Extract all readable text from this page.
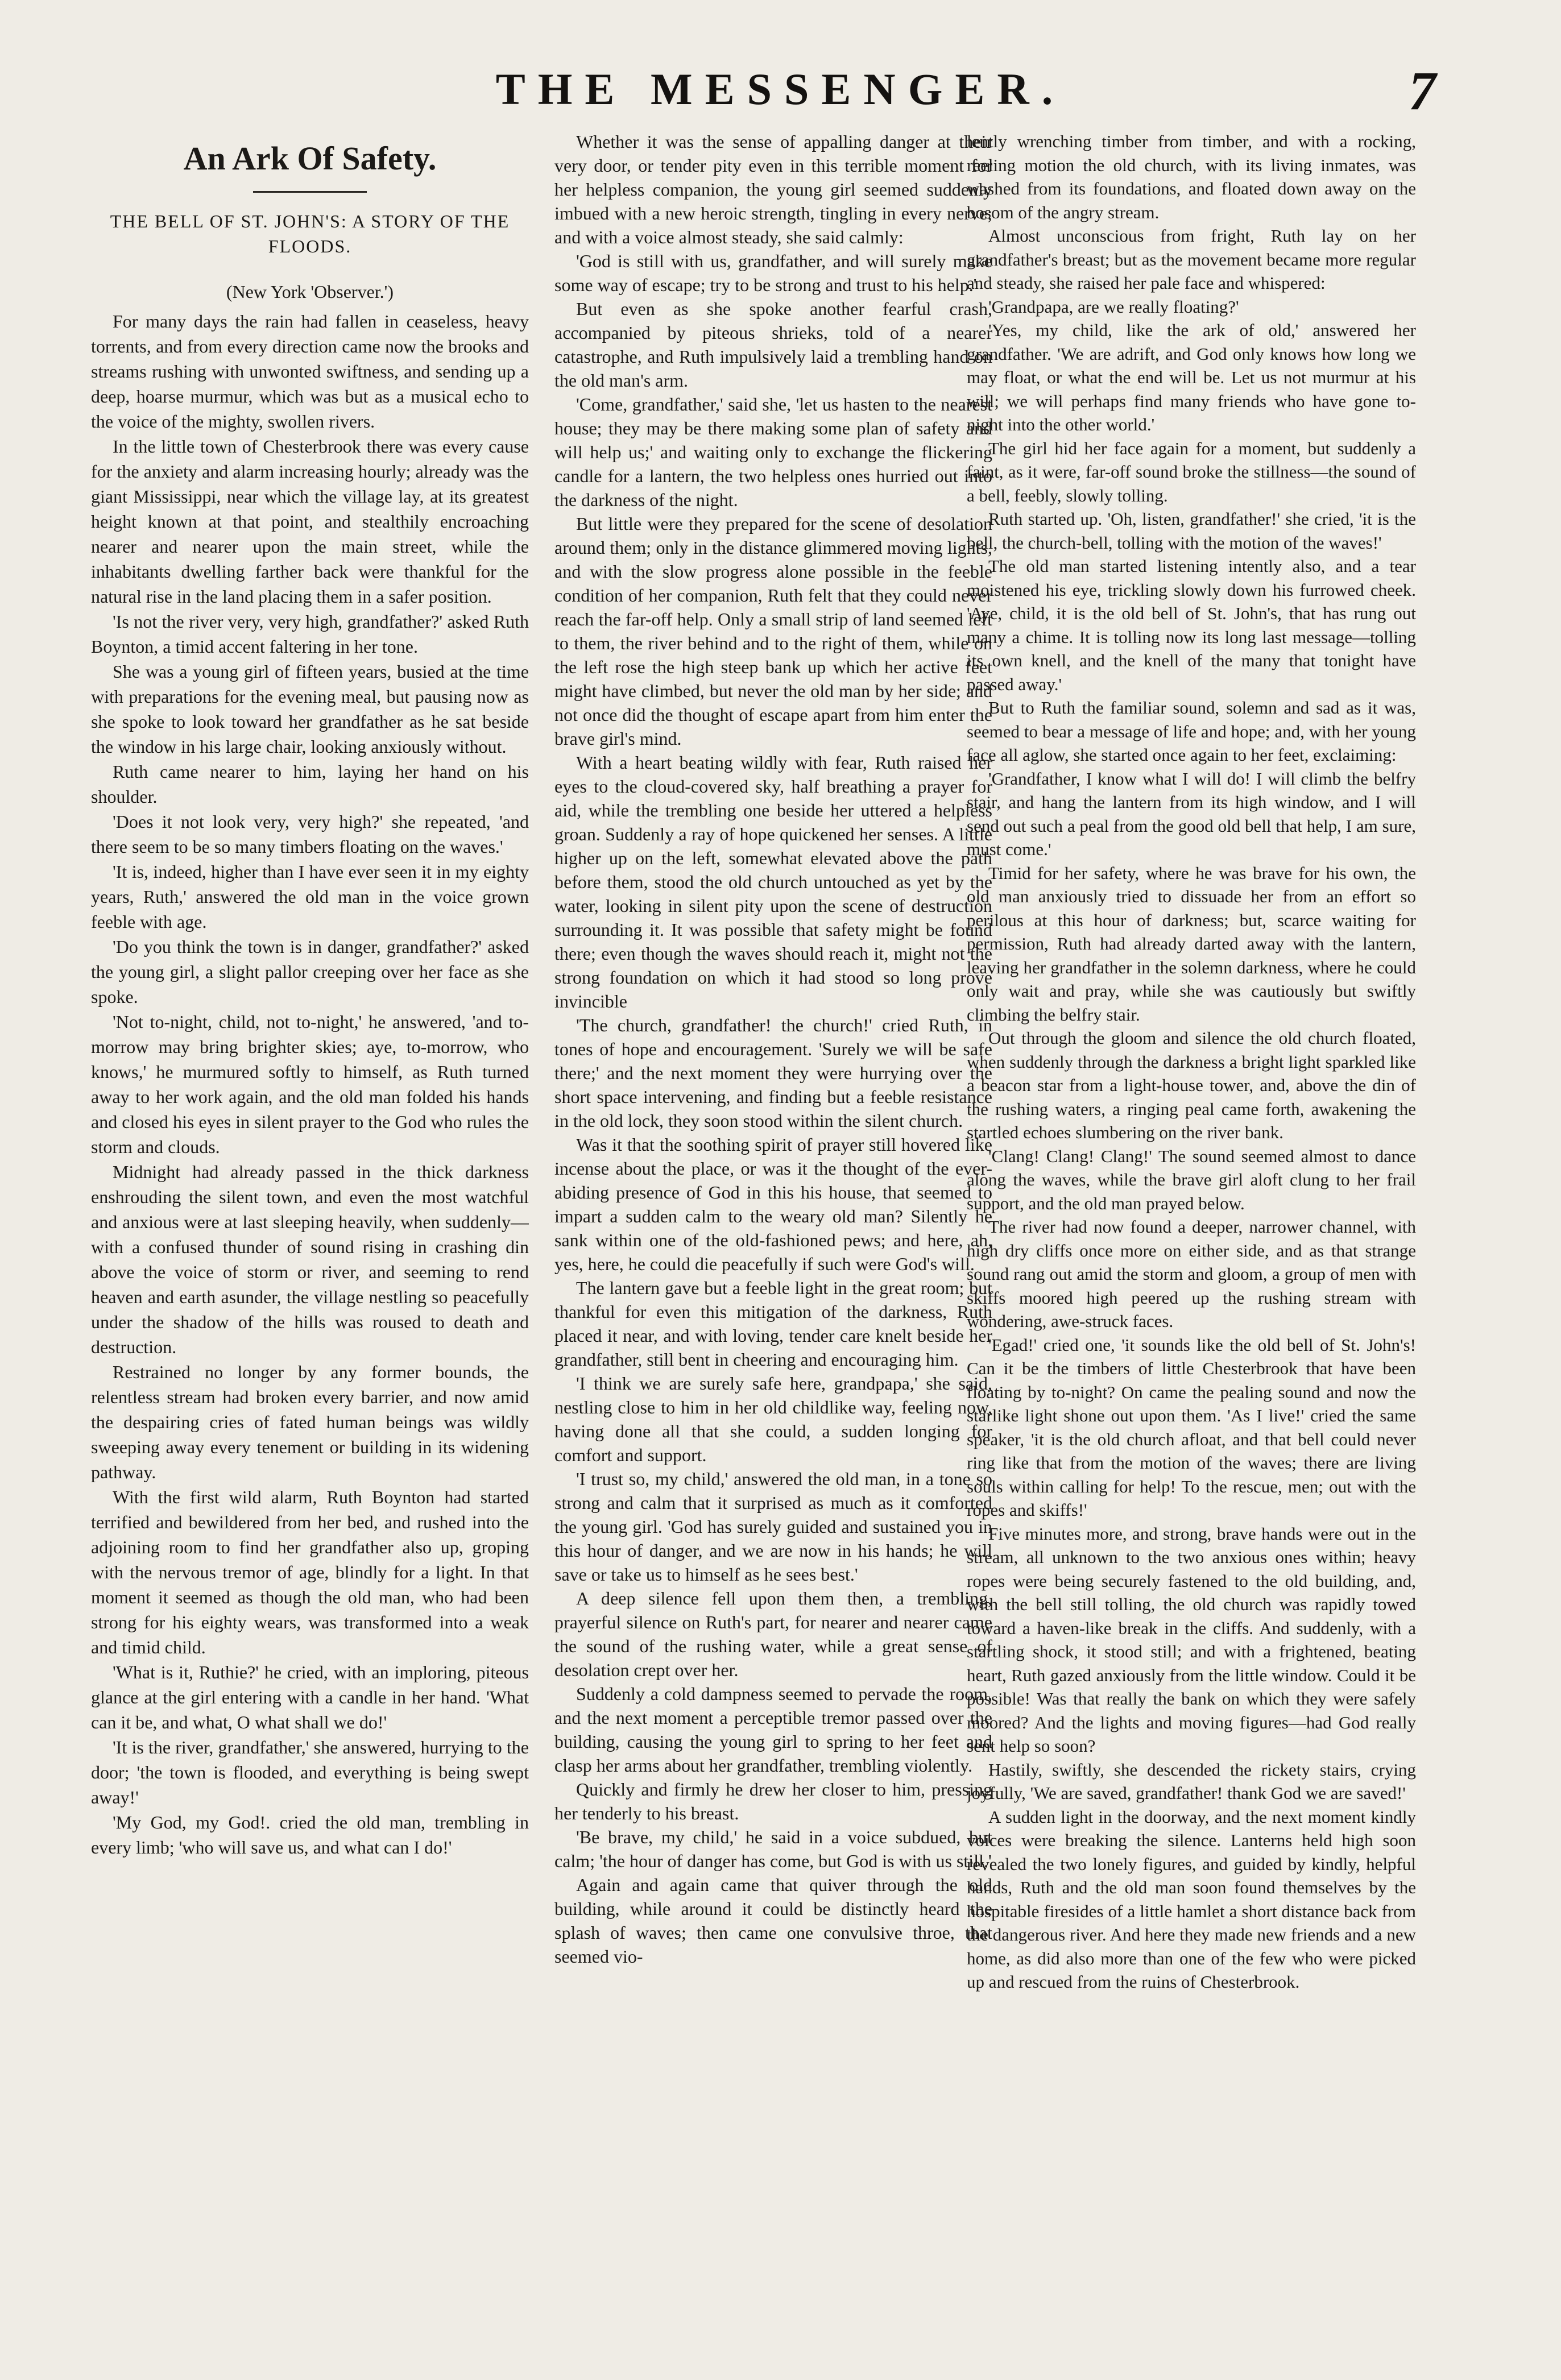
THE MESSENGER.	7
An Ark Of Safety.
THE BELL OF ST. JOHN'S: A STORY OF THE FLOODS.
(New York 'Observer.')

For many days the rain had fallen in ceaseless, heavy torrents, and from every direction came now the brooks and streams rushing with unwonted swiftness, and sending up a deep, hoarse murmur, which was but as a musical echo to the voice of the mighty, swollen rivers.

In the little town of Chesterbrook there was every cause for the anxiety and alarm increasing hourly; already was the giant Mississippi, near which the village lay, at its greatest height known at that point, and stealthily encroaching nearer and nearer upon the main street, while the inhabitants dwelling farther back were thankful for the natural rise in the land placing them in a safer position.

'Is not the river very, very high, grandfather?' asked Ruth Boynton, a timid accent faltering in her tone.

She was a young girl of fifteen years, busied at the time with preparations for the evening meal, but pausing now as she spoke to look toward her grandfather as he sat beside the window in his large chair, looking anxiously without.

Ruth came nearer to him, laying her hand on his shoulder.

'Does it not look very, very high?' she repeated, 'and there seem to be so many timbers floating on the waves.'

'It is, indeed, higher than I have ever seen it in my eighty years, Ruth,' answered the old man in the voice grown feeble with age.

'Do you think the town is in danger, grandfather?' asked the young girl, a slight pallor creeping over her face as she spoke.

'Not to-night, child, not to-night,' he answered, 'and to-morrow may bring brighter skies; aye, to-morrow, who knows,' he murmured softly to himself, as Ruth turned away to her work again, and the old man folded his hands and closed his eyes in silent prayer to the God who rules the storm and clouds.

Midnight had already passed in the thick darkness enshrouding the silent town, and even the most watchful and anxious were at last sleeping heavily, when suddenly—with a confused thunder of sound rising in crashing din above the voice of storm or river, and seeming to rend heaven and earth asunder, the village nestling so peacefully under the shadow of the hills was roused to death and destruction.

Restrained no longer by any former bounds, the relentless stream had broken every barrier, and now amid the despairing cries of fated human beings was wildly sweeping away every tenement or building in its widening pathway.

With the first wild alarm, Ruth Boynton had started terrified and bewildered from her bed, and rushed into the adjoining room to find her grandfather also up, groping with the nervous tremor of age, blindly for a light. In that moment it seemed as though the old man, who had been strong for his eighty wears, was transformed into a weak and timid child.

'What is it, Ruthie?' he cried, with an imploring, piteous glance at the girl entering with a candle in her hand. 'What can it be, and what, O what shall we do!'

'It is the river, grandfather,' she answered, hurrying to the door; 'the town is flooded, and everything is being swept away!'

'My God, my God!. cried the old man, trembling in every limb; 'who will save us, and what can I do!'

Whether it was the sense of appalling danger at their very door, or tender pity even in this terrible moment for her helpless companion, the young girl seemed suddenly imbued with a new heroic strength, tingling in every nerve; and with a voice almost steady, she said calmly:

'God is still with us, grandfather, and will surely make some way of escape; try to be strong and trust to his help.'

But even as she spoke another fearful crash, accompanied by piteous shrieks, told of a nearer catastrophe, and Ruth impulsively laid a trembling hand on the old man's arm.

'Come, grandfather,' said she, 'let us hasten to the nearest house; they may be there making some plan of safety and will help us;' and waiting only to exchange the flickering candle for a lantern, the two helpless ones hurried out into the darkness of the night.

But little were they prepared for the scene of desolation around them; only in the distance glimmered moving lights, and with the slow progress alone possible in the feeble condition of her companion, Ruth felt that they could never reach the far-off help. Only a small strip of land seemed left to them, the river behind and to the right of them, while on the left rose the high steep bank up which her active feet might have climbed, but never the old man by her side; and not once did the thought of escape apart from him enter the brave girl's mind.

With a heart beating wildly with fear, Ruth raised her eyes to the cloud-covered sky, half breathing a prayer for aid, while the trembling one beside her uttered a helpless groan. Suddenly a ray of hope quickened her senses. A little higher up on the left, somewhat elevated above the path before them, stood the old church untouched as yet by the water, looking in silent pity upon the scene of destruction surrounding it. It was possible that safety might be found there; even though the waves should reach it, might not the strong foundation on which it had stood so long prove invincible

'The church, grandfather! the church!' cried Ruth, in tones of hope and encouragement. 'Surely we will be safe there;' and the next moment they were hurrying over the short space intervening, and finding but a feeble resistance in the old lock, they soon stood within the silent church.

Was it that the soothing spirit of prayer still hovered like incense about the place, or was it the thought of the ever-abiding presence of God in this his house, that seemed to impart a sudden calm to the weary old man? Silently he sank within one of the old-fashioned pews; and here, ah, yes, here, he could die peacefully if such were God's will.

The lantern gave but a feeble light in the great room; but thankful for even this mitigation of the darkness, Ruth placed it near, and with loving, tender care knelt beside her grandfather, still bent in cheering and encouraging him.

'I think we are surely safe here, grandpapa,' she said, nestling close to him in her old childlike way, feeling now, having done all that she could, a sudden longing for comfort and support.

'I trust so, my child,' answered the old man, in a tone so strong and calm that it surprised as much as it comforted the young girl. 'God has surely guided and sustained you in this hour of danger, and we are now in his hands; he will save or take us to himself as he sees best.'

A deep silence fell upon them then, a trembling, prayerful silence on Ruth's part, for nearer and nearer came the sound of the rushing water, while a great sense of desolation crept over her.

Suddenly a cold dampness seemed to pervade the room, and the next moment a perceptible tremor passed over the building, causing the young girl to spring to her feet and clasp her arms about her grandfather, trembling violently.

Quickly and firmly he drew her closer to him, pressing her tenderly to his breast.

'Be brave, my child,' he said in a voice subdued, but calm; 'the hour of danger has come, but God is with us still.'

Again and again came that quiver through the old building, while around it could be distinctly heard the splash of waves; then came one convulsive throe, that seemed vio-

lently wrenching timber from timber, and with a rocking, reeling motion the old church, with its living inmates, was washed from its foundations, and floated down away on the bosom of the angry stream.

Almost unconscious from fright, Ruth lay on her grandfather's breast; but as the movement became more regular and steady, she raised her pale face and whispered:

'Grandpapa, are we really floating?'

'Yes, my child, like the ark of old,' answered her grandfather. 'We are adrift, and God only knows how long we may float, or what the end will be. Let us not murmur at his will; we will perhaps find many friends who have gone to-night into the other world.'

The girl hid her face again for a moment, but suddenly a faint, as it were, far-off sound broke the stillness—the sound of a bell, feebly, slowly tolling.

Ruth started up. 'Oh, listen, grandfather!' she cried, 'it is the bell, the church-bell, tolling with the motion of the waves!'

The old man started listening intently also, and a tear moistened his eye, trickling slowly down his furrowed cheek. 'Aye, child, it is the old bell of St. John's, that has rung out many a chime. It is tolling now its long last message—tolling its own knell, and the knell of the many that tonight have passed away.'

But to Ruth the familiar sound, solemn and sad as it was, seemed to bear a message of life and hope; and, with her young face all aglow, she started once again to her feet, exclaiming:

'Grandfather, I know what I will do! I will climb the belfry stair, and hang the lantern from its high window, and I will send out such a peal from the good old bell that help, I am sure, must come.'

Timid for her safety, where he was brave for his own, the old man anxiously tried to dissuade her from an effort so perilous at this hour of darkness; but, scarce waiting for permission, Ruth had already darted away with the lantern, leaving her grandfather in the solemn darkness, where he could only wait and pray, while she was cautiously but swiftly climbing the belfry stair.

Out through the gloom and silence the old church floated, when suddenly through the darkness a bright light sparkled like a beacon star from a light-house tower, and, above the din of the rushing waters, a ringing peal came forth, awakening the startled echoes slumbering on the river bank.

'Clang! Clang! Clang!' The sound seemed almost to dance along the waves, while the brave girl aloft clung to her frail support, and the old man prayed below.

The river had now found a deeper, narrower channel, with high dry cliffs once more on either side, and as that strange sound rang out amid the storm and gloom, a group of men with skiffs moored high peered up the rushing stream with wondering, awe-struck faces.

'Egad!' cried one, 'it sounds like the old bell of St. John's! Can it be the timbers of little Chesterbrook that have been floating by to-night? On came the pealing sound and now the starlike light shone out upon them. 'As I live!' cried the same speaker, 'it is the old church afloat, and that bell could never ring like that from the motion of the waves; there are living souls within calling for help! To the rescue, men; out with the ropes and skiffs!'

Five minutes more, and strong, brave hands were out in the stream, all unknown to the two anxious ones within; heavy ropes were being securely fastened to the old building, and, with the bell still tolling, the old church was rapidly towed toward a haven-like break in the cliffs. And suddenly, with a startling shock, it stood still; and with a frightened, beating heart, Ruth gazed anxiously from the little window. Could it be possible! Was that really the bank on which they were safely moored? And the lights and moving figures—had God really sent help so soon?

Hastily, swiftly, she descended the rickety stairs, crying joyfully, 'We are saved, grandfather! thank God we are saved!'

A sudden light in the doorway, and the next moment kindly voices were breaking the silence. Lanterns held high soon revealed the two lonely figures, and guided by kindly, helpful hands, Ruth and the old man soon found themselves by the hospitable firesides of a little hamlet a short distance back from the dangerous river. And here they made new friends and a new home, as did also more than one of the few who were picked up and rescued from the ruins of Chesterbrook.
